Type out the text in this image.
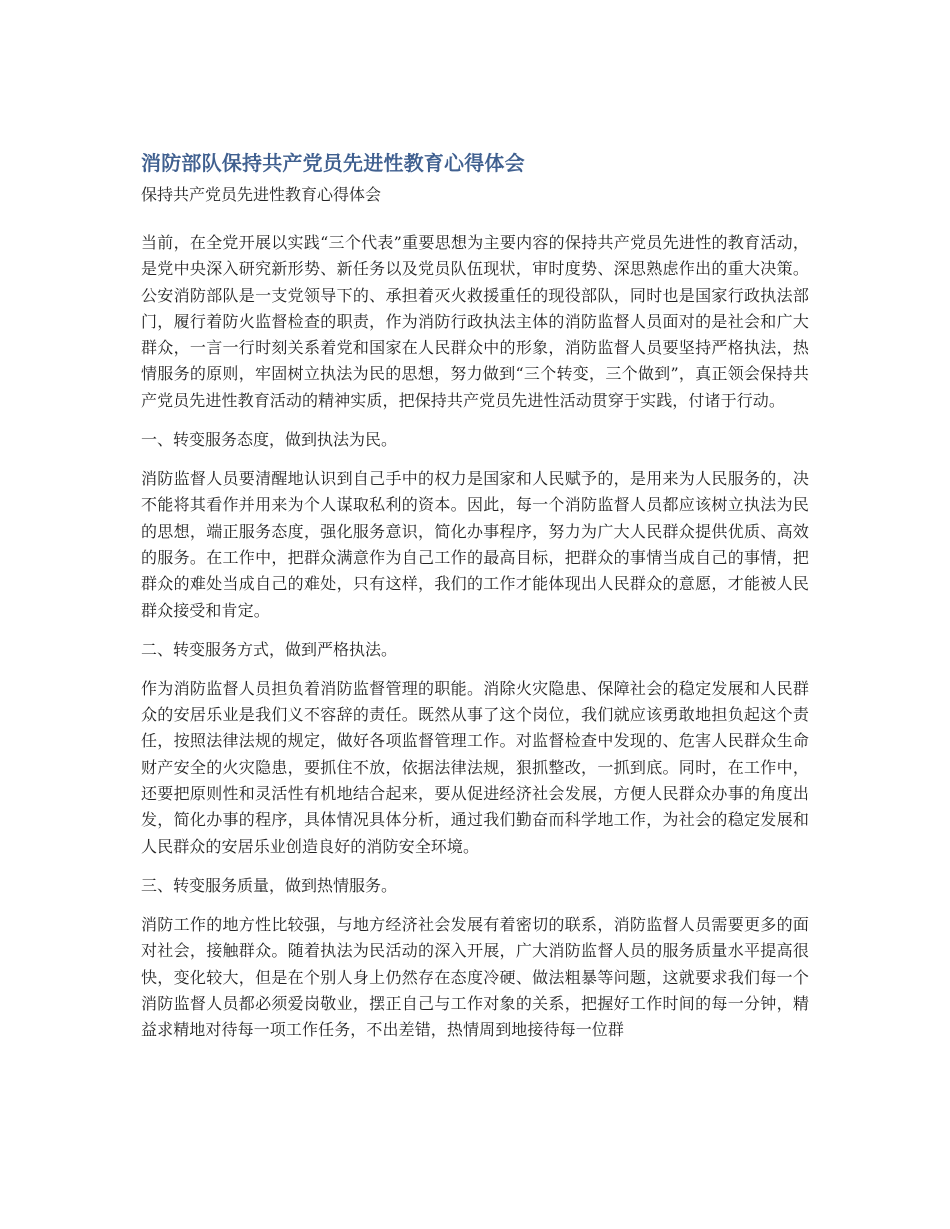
消防部队保持共产党员先进性教育心得体会
保持共产党员先进性教育心得体会

当前，在全党开展以实践“三个代表”重要思想为主要内容的保持共产党员先进性的教育活动，是党中央深入研究新形势、新任务以及党员队伍现状，审时度势、深思熟虑作出的重大决策。公安消防部队是一支党领导下的、承担着灭火救援重任的现役部队，同时也是国家行政执法部门，履行着防火监督检查的职责，作为消防行政执法主体的消防监督人员面对的是社会和广大群众，一言一行时刻关系着党和国家在人民群众中的形象，消防监督人员要坚持严格执法，热情服务的原则，牢固树立执法为民的思想，努力做到“三个转变，三个做到”，真正领会保持共产党员先进性教育活动的精神实质，把保持共产党员先进性活动贯穿于实践，付诸于行动。

一、转变服务态度，做到执法为民。

消防监督人员要清醒地认识到自己手中的权力是国家和人民赋予的，是用来为人民服务的，决不能将其看作并用来为个人谋取私利的资本。因此，每一个消防监督人员都应该树立执法为民的思想，端正服务态度，强化服务意识，简化办事程序，努力为广大人民群众提供优质、高效的服务。在工作中，把群众满意作为自己工作的最高目标，把群众的事情当成自己的事情，把群众的难处当成自己的难处，只有这样，我们的工作才能体现出人民群众的意愿，才能被人民群众接受和肯定。

二、转变服务方式，做到严格执法。

作为消防监督人员担负着消防监督管理的职能。消除火灾隐患、保障社会的稳定发展和人民群众的安居乐业是我们义不容辞的责任。既然从事了这个岗位，我们就应该勇敢地担负起这个责任，按照法律法规的规定，做好各项监督管理工作。对监督检查中发现的、危害人民群众生命财产安全的火灾隐患，要抓住不放，依据法律法规，狠抓整改，一抓到底。同时，在工作中，还要把原则性和灵活性有机地结合起来，要从促进经济社会发展，方便人民群众办事的角度出发，简化办事的程序，具体情况具体分析，通过我们勤奋而科学地工作，为社会的稳定发展和人民群众的安居乐业创造良好的消防安全环境。

三、转变服务质量，做到热情服务。

消防工作的地方性比较强，与地方经济社会发展有着密切的联系，消防监督人员需要更多的面对社会，接触群众。随着执法为民活动的深入开展，广大消防监督人员的服务质量水平提高很快，变化较大，但是在个别人身上仍然存在态度冷硬、做法粗暴等问题，这就要求我们每一个消防监督人员都必须爱岗敬业，摆正自己与工作对象的关系，把握好工作时间的每一分钟，精益求精地对待每一项工作任务，不出差错，热情周到地接待每一位群
